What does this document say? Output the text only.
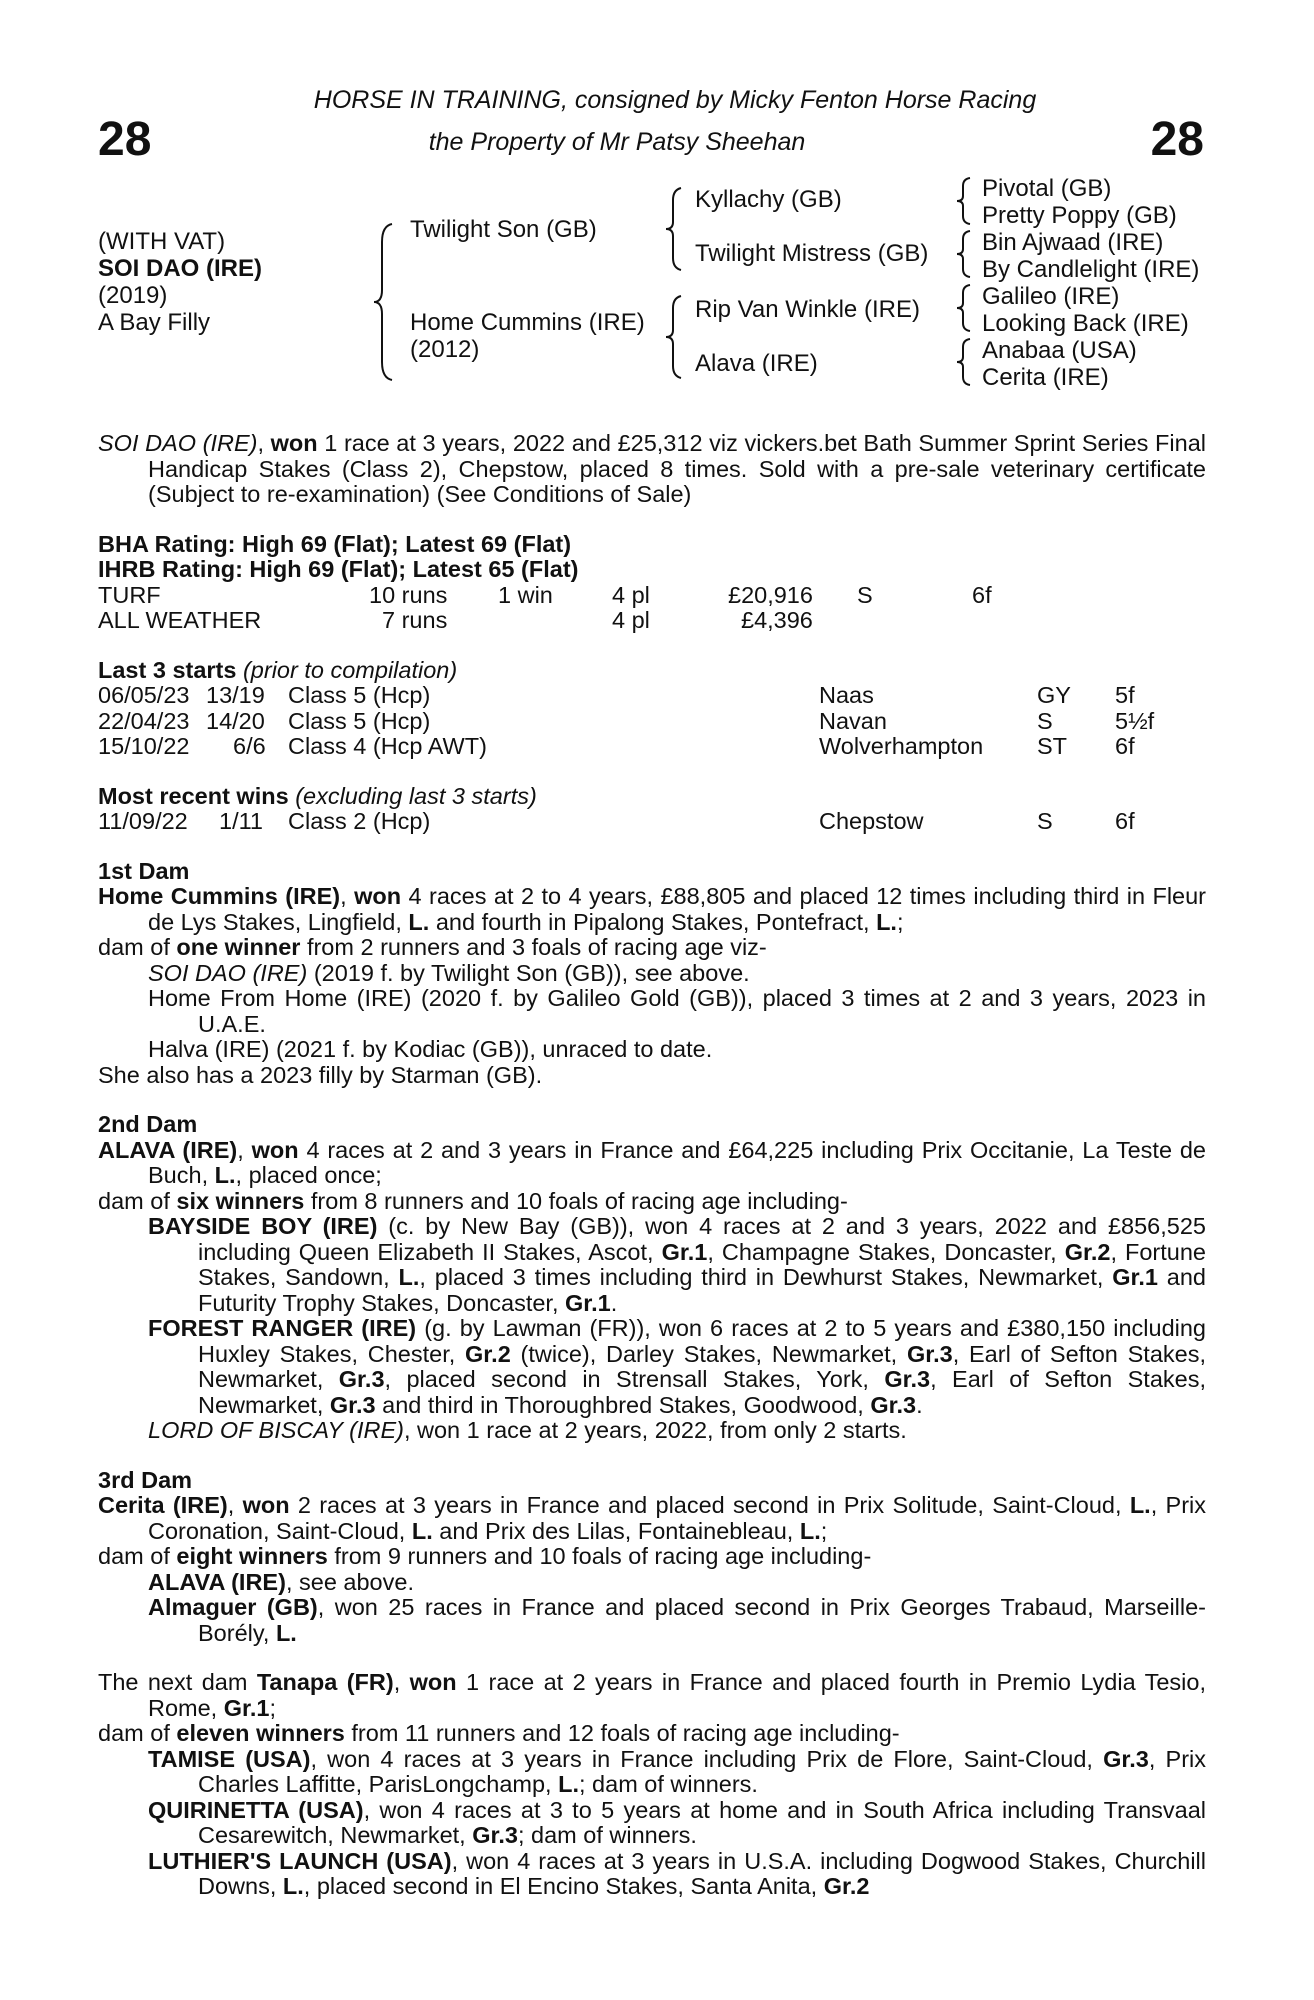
28	28
HORSE IN TRAINING, consigned by Micky Fenton Horse Racing
the Property of Mr Patsy Sheehan
(WITH VAT)
SOI DAO (IRE)
(2019)
A Bay Filly
Twilight Son (GB)
Home Cummins (IRE)
(2012)
Kyllachy (GB)
Twilight Mistress (GB)
Rip Van Winkle (IRE)
Alava (IRE)
Pivotal (GB)
Pretty Poppy (GB)
Bin Ajwaad (IRE)
By Candlelight (IRE)
Galileo (IRE)
Looking Back (IRE)
Anabaa (USA)
Cerita (IRE)

SOI DAO (IRE), won 1 race at 3 years, 2022 and £25,312 viz vickers.bet Bath Summer Sprint Series Final Handicap Stakes (Class 2), Chepstow, placed 8 times. Sold with a pre-sale veterinary certificate (Subject to re-examination) (See Conditions of Sale)

BHA Rating: High 69 (Flat); Latest 69 (Flat)
IHRB Rating: High 69 (Flat); Latest 65 (Flat)
TURF	10 runs 1 win	4 pl	£20,916 S	6f
ALL WEATHER	7 runs	4 pl	£4,396
Last 3 starts (prior to compilation)
06/05/23 13/19 Class 5 (Hcp)	Naas	GY 5f
22/04/23 14/20 Class 5 (Hcp)	Navan	S	5½f
15/10/22 6/6 Class 4 (Hcp AWT)	Wolverhampton ST 6f
Most recent wins (excluding last 3 starts)
11/09/22 1/11 Class 2 (Hcp)	Chepstow	S	6f
1st Dam

Home Cummins (IRE), won 4 races at 2 to 4 years, £88,805 and placed 12 times including third in Fleur de Lys Stakes, Lingfield, L. and fourth in Pipalong Stakes, Pontefract, L.;

dam of one winner from 2 runners and 3 foals of racing age viz-

SOI DAO (IRE) (2019 f. by Twilight Son (GB)), see above.

Home From Home (IRE) (2020 f. by Galileo Gold (GB)), placed 3 times at 2 and 3 years, 2023 in U.A.E.

Halva (IRE) (2021 f. by Kodiac (GB)), unraced to date.

She also has a 2023 filly by Starman (GB).

2nd Dam

ALAVA (IRE), won 4 races at 2 and 3 years in France and £64,225 including Prix Occitanie, La Teste de Buch, L., placed once;

dam of six winners from 8 runners and 10 foals of racing age including-

BAYSIDE BOY (IRE) (c. by New Bay (GB)), won 4 races at 2 and 3 years, 2022 and £856,525 including Queen Elizabeth II Stakes, Ascot, Gr.1, Champagne Stakes, Doncaster, Gr.2, Fortune Stakes, Sandown, L., placed 3 times including third in Dewhurst Stakes, Newmarket, Gr.1 and Futurity Trophy Stakes, Doncaster, Gr.1.

FOREST RANGER (IRE) (g. by Lawman (FR)), won 6 races at 2 to 5 years and £380,150 including Huxley Stakes, Chester, Gr.2 (twice), Darley Stakes, Newmarket, Gr.3, Earl of Sefton Stakes, Newmarket, Gr.3, placed second in Strensall Stakes, York, Gr.3, Earl of Sefton Stakes, Newmarket, Gr.3 and third in Thoroughbred Stakes, Goodwood, Gr.3.

LORD OF BISCAY (IRE), won 1 race at 2 years, 2022, from only 2 starts.

3rd Dam

Cerita (IRE), won 2 races at 3 years in France and placed second in Prix Solitude, Saint-Cloud, L., Prix Coronation, Saint-Cloud, L. and Prix des Lilas, Fontainebleau, L.;

dam of eight winners from 9 runners and 10 foals of racing age including-

ALAVA (IRE), see above.

Almaguer (GB), won 25 races in France and placed second in Prix Georges Trabaud, Marseille-Borély, L.

The next dam Tanapa (FR), won 1 race at 2 years in France and placed fourth in Premio Lydia Tesio, Rome, Gr.1;

dam of eleven winners from 11 runners and 12 foals of racing age including-

TAMISE (USA), won 4 races at 3 years in France including Prix de Flore, Saint-Cloud, Gr.3, Prix Charles Laffitte, ParisLongchamp, L.; dam of winners.

QUIRINETTA (USA), won 4 races at 3 to 5 years at home and in South Africa including Transvaal Cesarewitch, Newmarket, Gr.3; dam of winners.

LUTHIER'S LAUNCH (USA), won 4 races at 3 years in U.S.A. including Dogwood Stakes, Churchill Downs, L., placed second in El Encino Stakes, Santa Anita, Gr.2
